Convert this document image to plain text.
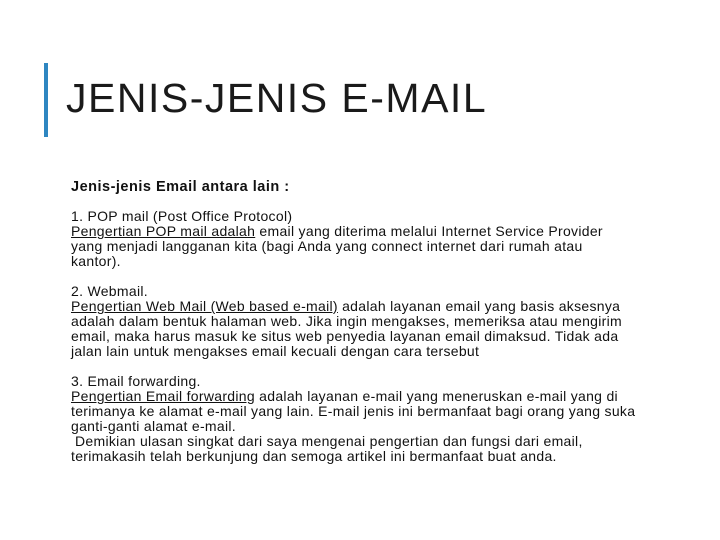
JENIS-JENIS E-MAIL

Jenis-jenis Email antara lain :

1. POP mail (Post Office Protocol)

Pengertian POP mail adalah email yang diterima melalui Internet Service Provider yang menjadi langganan kita (bagi Anda yang connect internet dari rumah atau kantor).

2. Webmail.

Pengertian Web Mail (Web based e-mail) adalah layanan email yang basis aksesnya adalah dalam bentuk halaman web. Jika ingin mengakses, memeriksa atau mengirim email, maka harus masuk ke situs web penyedia layanan email dimaksud. Tidak ada jalan lain untuk mengakses email kecuali dengan cara tersebut

3. Email forwarding.

Pengertian Email forwarding adalah layanan e-mail yang meneruskan e-mail yang di terimanya ke alamat e-mail yang lain. E-mail jenis ini bermanfaat bagi orang yang suka ganti-ganti alamat e-mail.

Demikian ulasan singkat dari saya mengenai pengertian dan fungsi dari email, terimakasih telah berkunjung dan semoga artikel ini bermanfaat buat anda.
